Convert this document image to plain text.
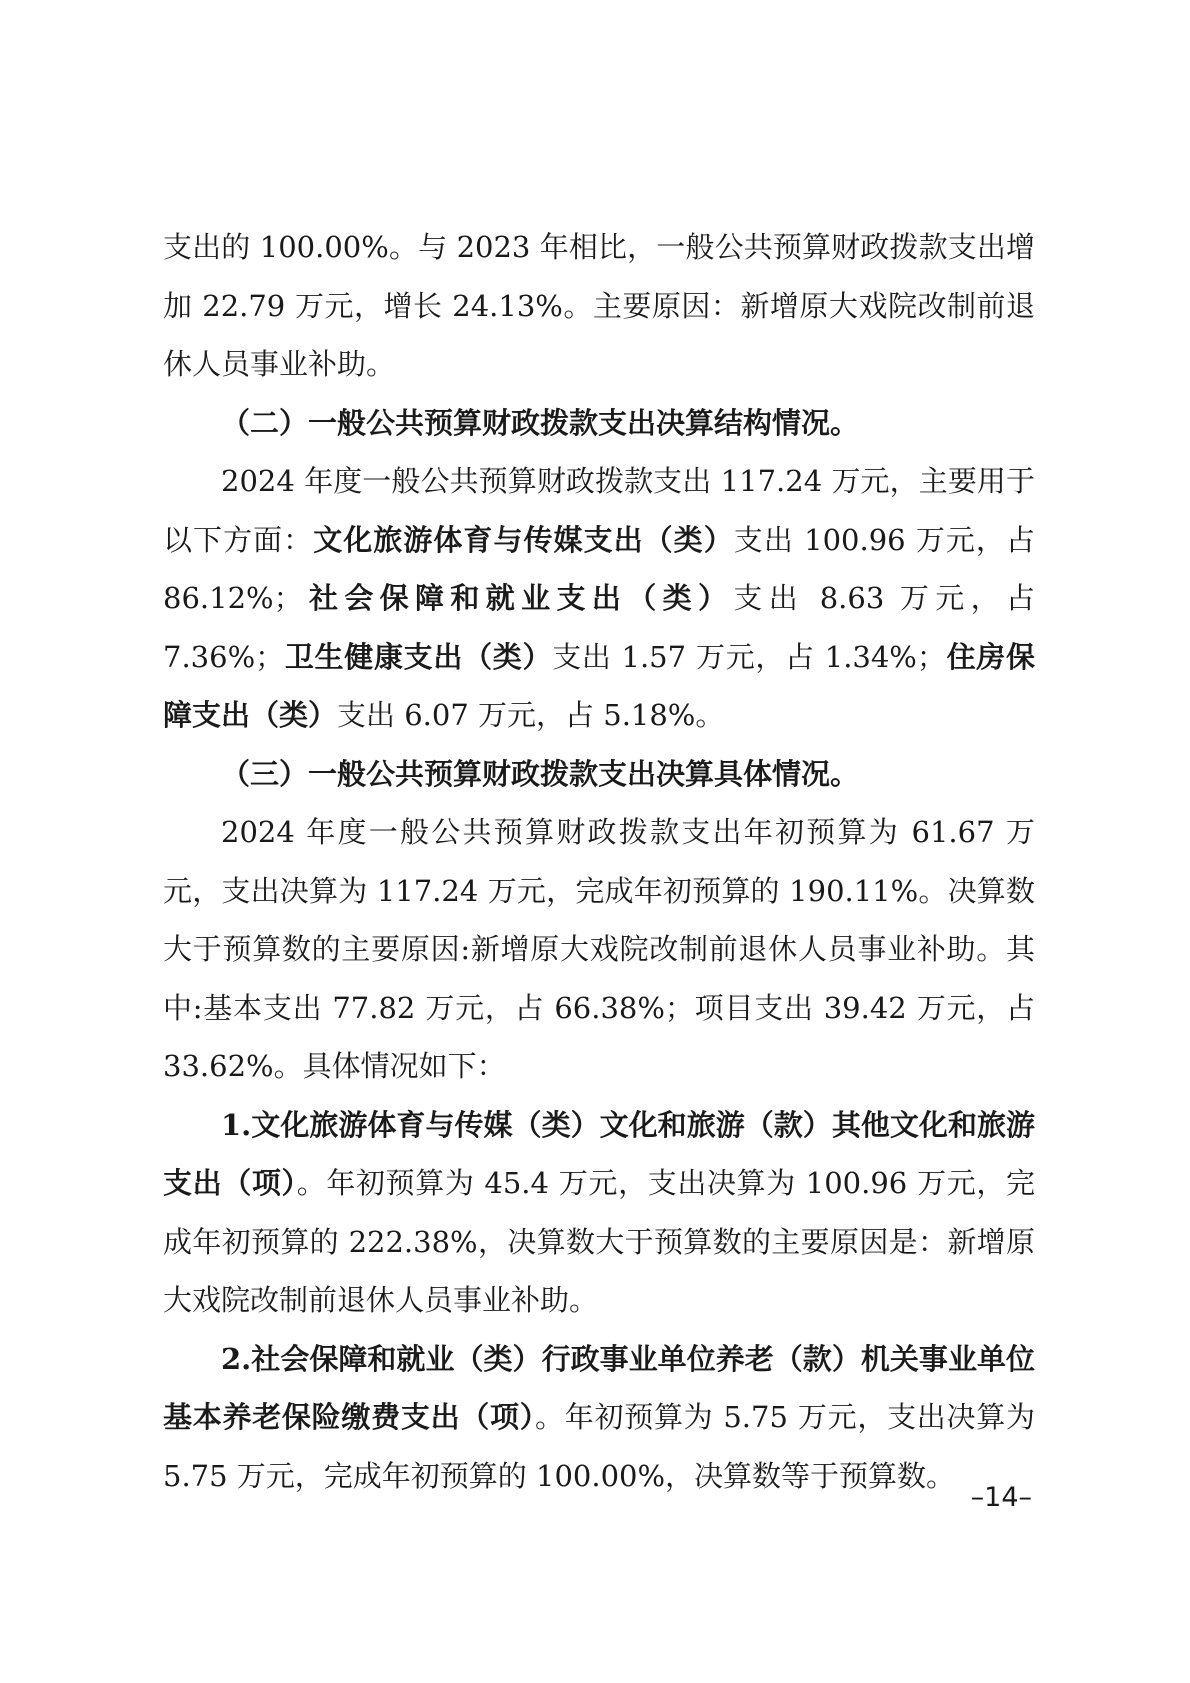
支出的 100.00%。与 2023 年相比，一般公共预算财政拨款支出增加 22.79 万元，增长 24.13%。主要原因：新增原大戏院改制前退休人员事业补助。

（二）一般公共预算财政拨款支出决算结构情况。

2024 年度一般公共预算财政拨款支出 117.24 万元，主要用于以下方面：文化旅游体育与传媒支出（类）支出 100.96 万元，占 86.12%；社会保障和就业支出（类）支出 8.63 万元，占 7.36%；卫生健康支出（类）支出 1.57 万元，占 1.34%；住房保障支出（类）支出 6.07 万元，占 5.18%。

（三）一般公共预算财政拨款支出决算具体情况。

2024 年度一般公共预算财政拨款支出年初预算为 61.67 万元，支出决算为 117.24 万元，完成年初预算的 190.11%。决算数大于预算数的主要原因:新增原大戏院改制前退休人员事业补助。其中:基本支出 77.82 万元，占 66.38%；项目支出 39.42 万元，占 33.62%。具体情况如下：

1.文化旅游体育与传媒（类）文化和旅游（款）其他文化和旅游支出（项）。年初预算为 45.4 万元，支出决算为 100.96 万元，完成年初预算的 222.38%，决算数大于预算数的主要原因是：新增原大戏院改制前退休人员事业补助。

2.社会保障和就业（类）行政事业单位养老（款）机关事业单位基本养老保险缴费支出（项）。年初预算为 5.75 万元，支出决算为 5.75 万元，完成年初预算的 100.00%，决算数等于预算数。

–14–
